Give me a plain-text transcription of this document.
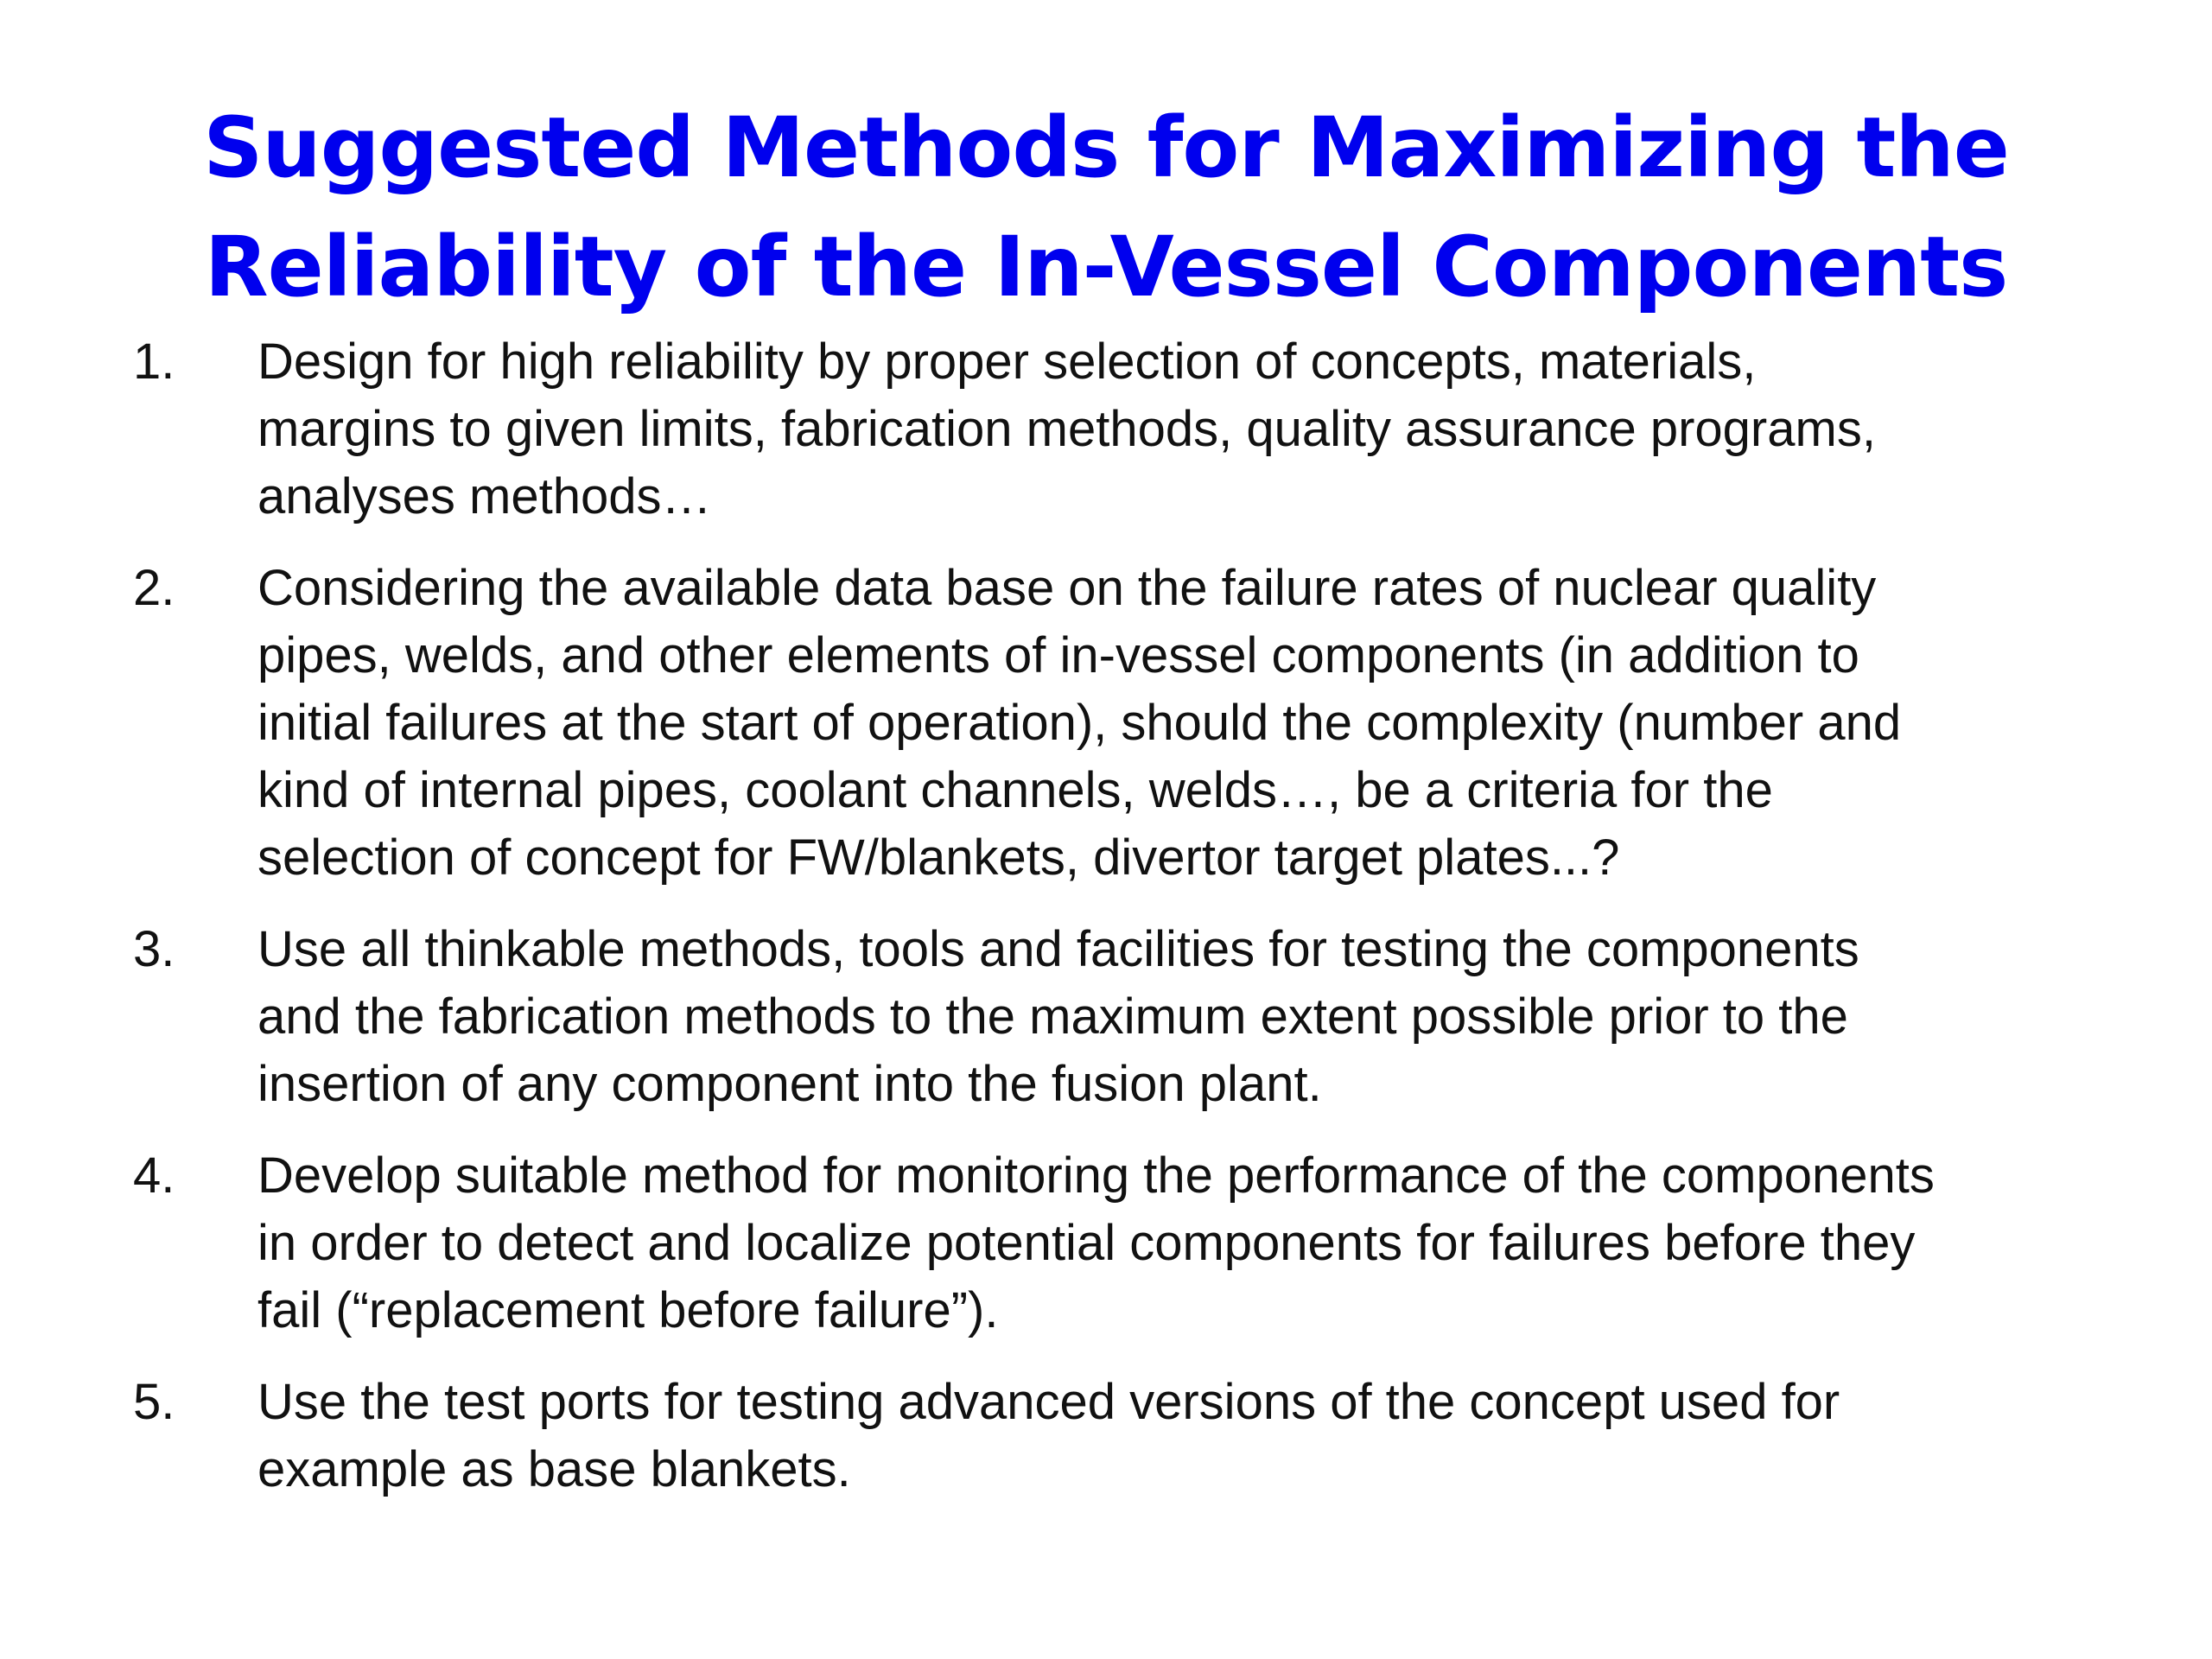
Suggested Methods for Maximizing the
Reliability of the In-Vessel Components
1. Design for high reliability by proper selection of concepts, materials,
margins to given limits, fabrication methods, quality assurance programs,
analyses methods…
2. Considering the available data base on the failure rates of nuclear quality
pipes, welds, and other elements of in-vessel components (in addition to
initial failures at the start of operation), should the complexity (number and
kind of internal pipes, coolant channels, welds…, be a criteria for the
selection of concept for FW/blankets, divertor target plates...?
3. Use all thinkable methods, tools and facilities for testing the components
and the fabrication methods to the maximum extent possible prior to the
insertion of any component into the fusion plant.
4. Develop suitable method for monitoring the performance of the components
in order to detect and localize potential components for failures before they
fail (“replacement before failure”).
5. Use the test ports for testing advanced versions of the concept used for
example as base blankets.
